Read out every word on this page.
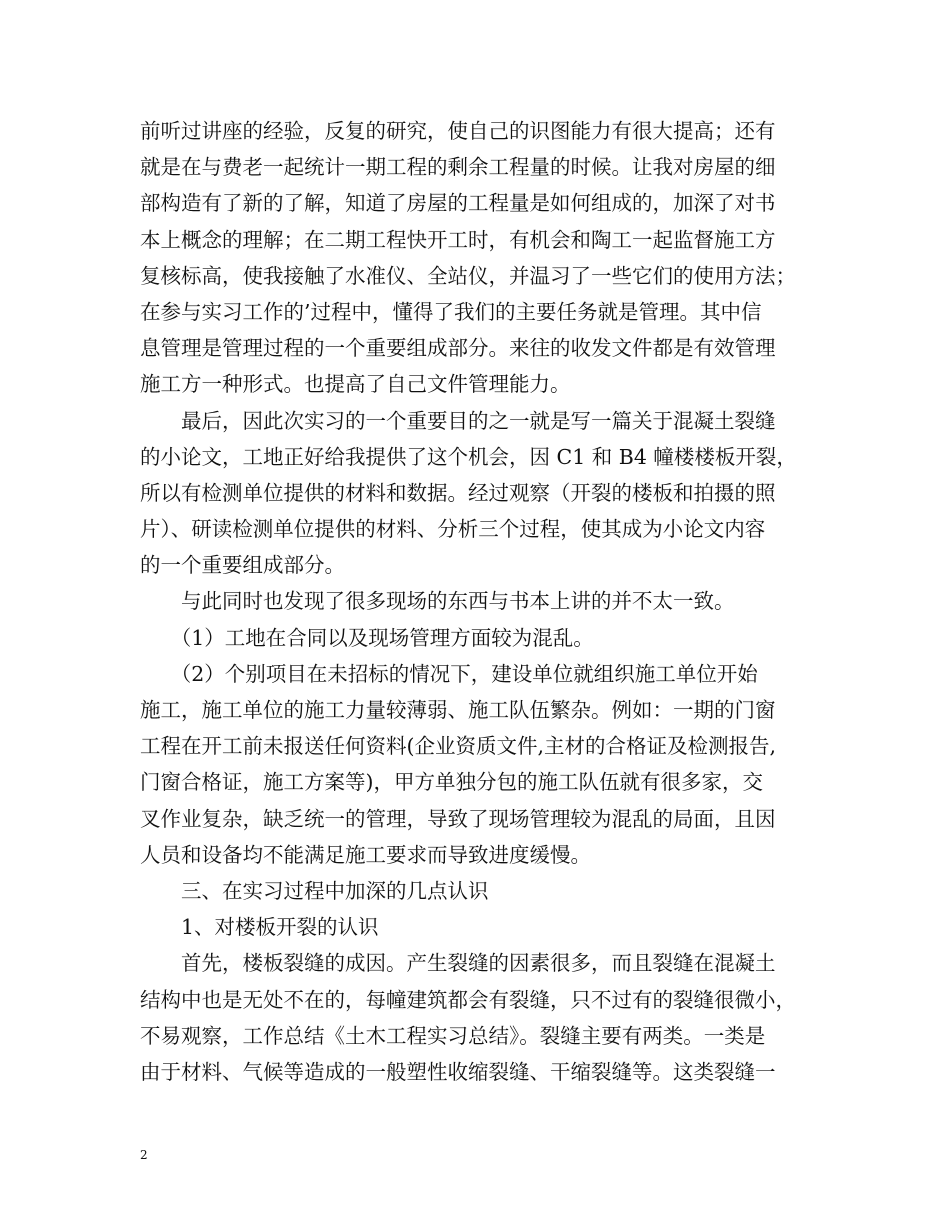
前听过讲座的经验，反复的研究，使自己的识图能力有很大提高；还有
就是在与费老一起统计一期工程的剩余工程量的时候。让我对房屋的细
部构造有了新的了解，知道了房屋的工程量是如何组成的，加深了对书
本上概念的理解；在二期工程快开工时，有机会和陶工一起监督施工方
复核标高，使我接触了水准仪、全站仪，并温习了一些它们的使用方法；
在参与实习工作的’过程中，懂得了我们的主要任务就是管理。其中信
息管理是管理过程的一个重要组成部分。来往的收发文件都是有效管理
施工方一种形式。也提高了自己文件管理能力。
　　最后，因此次实习的一个重要目的之一就是写一篇关于混凝土裂缝
的小论文，工地正好给我提供了这个机会，因 C1 和 B4 幢楼楼板开裂，
所以有检测单位提供的材料和数据。经过观察（开裂的楼板和拍摄的照
片）、研读检测单位提供的材料、分析三个过程，使其成为小论文内容
的一个重要组成部分。
　　与此同时也发现了很多现场的东西与书本上讲的并不太一致。
　　（1）工地在合同以及现场管理方面较为混乱。
　　（2）个别项目在未招标的情况下，建设单位就组织施工单位开始
施工，施工单位的施工力量较薄弱、施工队伍繁杂。例如：一期的门窗
工程在开工前未报送任何资料(企业资质文件,主材的合格证及检测报告,
门窗合格证，施工方案等)，甲方单独分包的施工队伍就有很多家，交
叉作业复杂，缺乏统一的管理，导致了现场管理较为混乱的局面，且因
人员和设备均不能满足施工要求而导致进度缓慢。
　　三、在实习过程中加深的几点认识
　　1、对楼板开裂的认识
　　首先，楼板裂缝的成因。产生裂缝的因素很多，而且裂缝在混凝土
结构中也是无处不在的，每幢建筑都会有裂缝，只不过有的裂缝很微小，
不易观察，工作总结《土木工程实习总结》。裂缝主要有两类。一类是
由于材料、气候等造成的一般塑性收缩裂缝、干缩裂缝等。这类裂缝一
2
